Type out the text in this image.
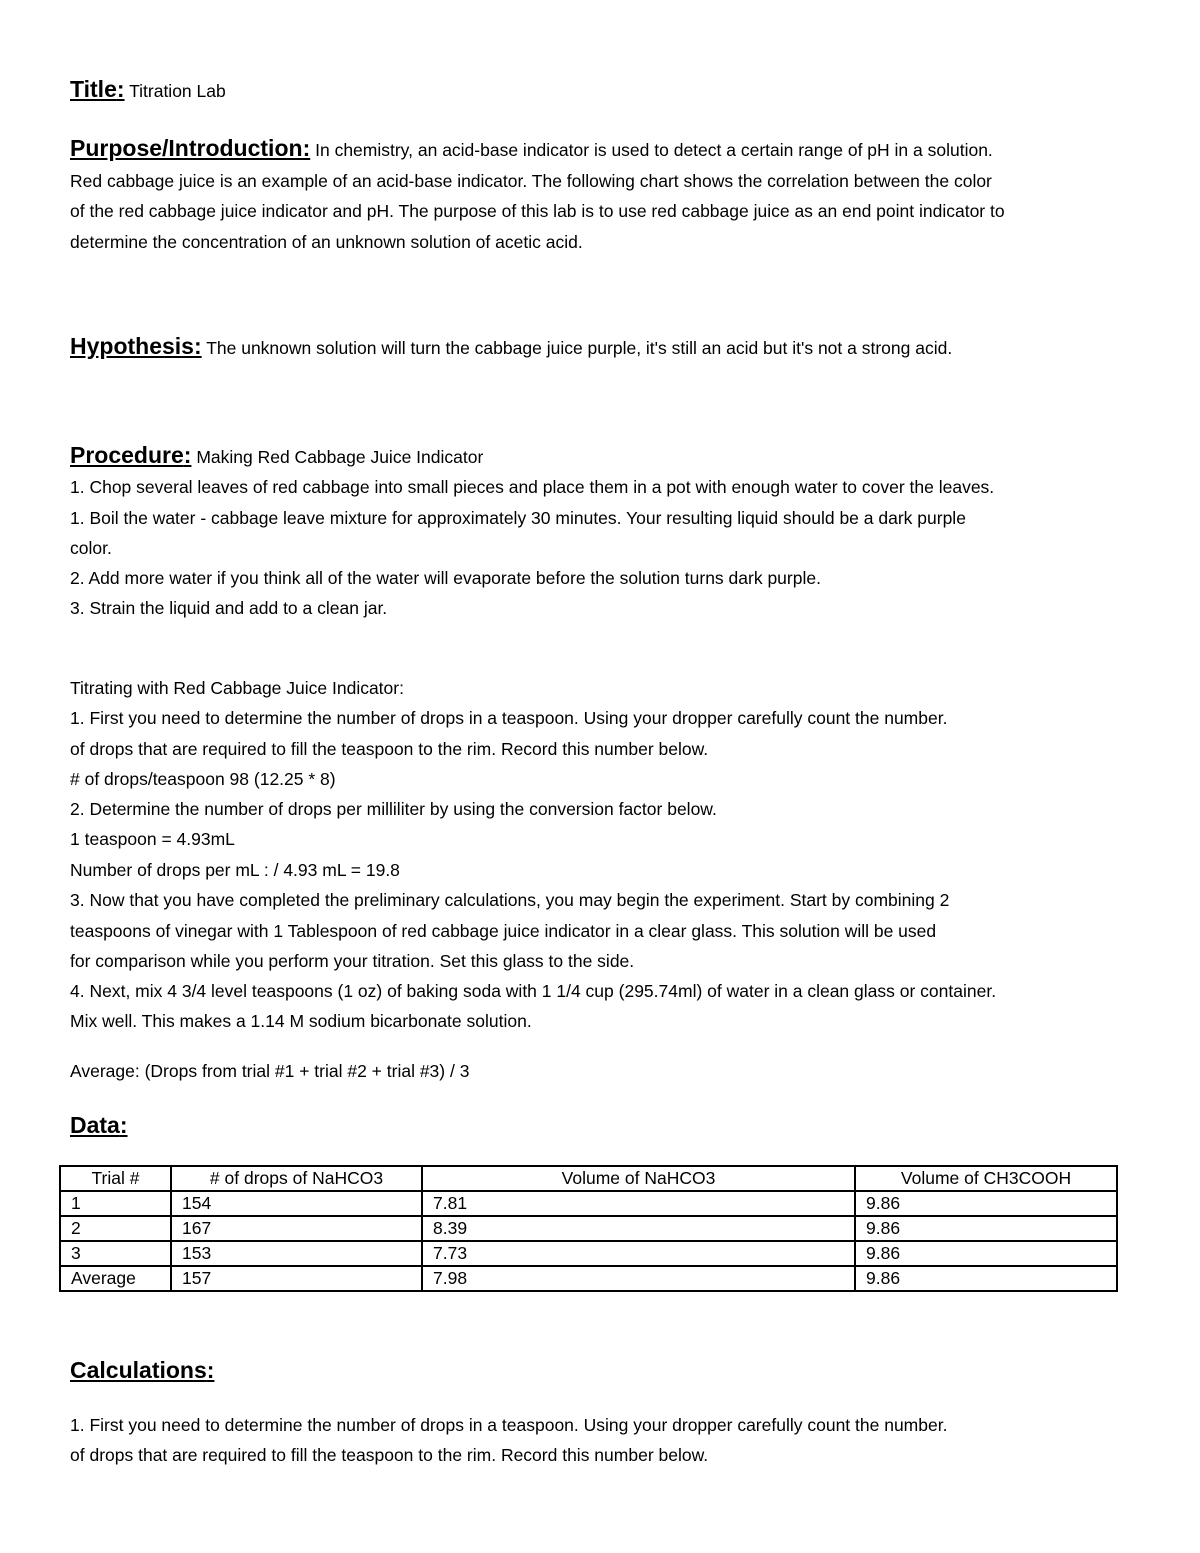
Title: Titration Lab
Purpose/Introduction: In chemistry, an acid-base indicator is used to detect a certain range of pH in a solution.
Red cabbage juice is an example of an acid-base indicator. The following chart shows the correlation between the color
of the red cabbage juice indicator and pH. The purpose of this lab is to use red cabbage juice as an end point indicator to
determine the concentration of an unknown solution of acetic acid.
Hypothesis: The unknown solution will turn the cabbage juice purple, it's still an acid but it's not a strong acid.
Procedure: Making Red Cabbage Juice Indicator
1. Chop several leaves of red cabbage into small pieces and place them in a pot with enough water to cover the leaves.
1. Boil the water - cabbage leave mixture for approximately 30 minutes. Your resulting liquid should be a dark purple
color.
2. Add more water if you think all of the water will evaporate before the solution turns dark purple.
3. Strain the liquid and add to a clean jar.
Titrating with Red Cabbage Juice Indicator:
1. First you need to determine the number of drops in a teaspoon. Using your dropper carefully count the number.
of drops that are required to fill the teaspoon to the rim. Record this number below.
# of drops/teaspoon 98 (12.25 * 8)
2. Determine the number of drops per milliliter by using the conversion factor below.
1 teaspoon = 4.93mL
Number of drops per mL : / 4.93 mL = 19.8
3. Now that you have completed the preliminary calculations, you may begin the experiment. Start by combining 2
teaspoons of vinegar with 1 Tablespoon of red cabbage juice indicator in a clear glass. This solution will be used
for comparison while you perform your titration. Set this glass to the side.
4. Next, mix 4 3/4 level teaspoons (1 oz) of baking soda with 1 1/4 cup (295.74ml) of water in a clean glass or container.
Mix well. This makes a 1.14 M sodium bicarbonate solution.
Average: (Drops from trial #1 + trial #2 + trial #3) / 3
Data:
Trial #	# of drops of NaHCO3	Volume of NaHCO3	Volume of CH3COOH
1	154	7.81	9.86
2	167	8.39	9.86
3	153	7.73	9.86
Average	157	7.98	9.86
Calculations:
1. First you need to determine the number of drops in a teaspoon. Using your dropper carefully count the number.
of drops that are required to fill the teaspoon to the rim. Record this number below.
